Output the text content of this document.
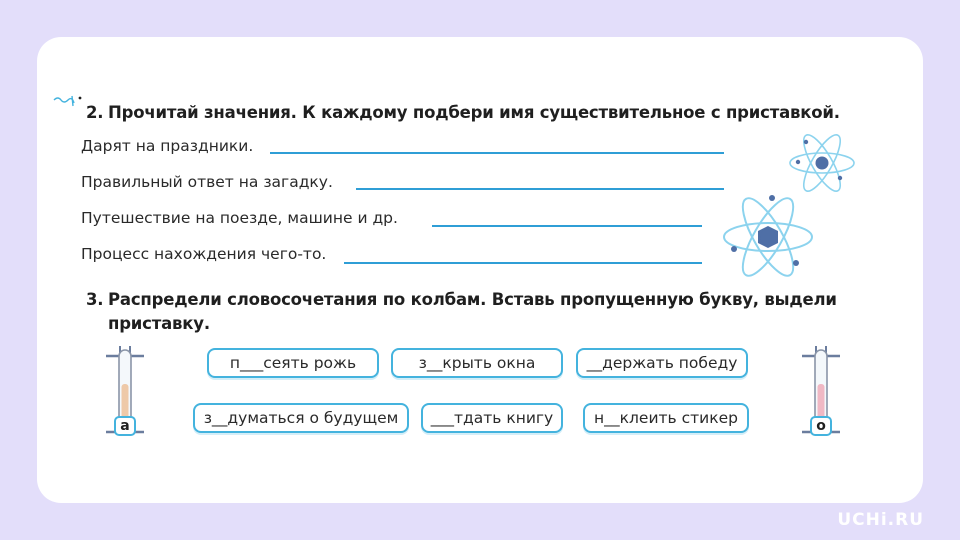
2. Прочитай значения. К каждому подбери имя существительное с приставкой.
Дарят на праздники.
Правильный ответ на загадку.
Путешествие на поезде, машине и др.
Процесс нахождения чего-то.
3. Распредели словосочетания по колбам. Вставь пропущенную букву, выдели
приставку.
а	о
п___сеять рожь	з__крыть окна	__держать победу
з__думаться о будущем	___тдать книгу	н__клеить стикер
UCHi.RU
